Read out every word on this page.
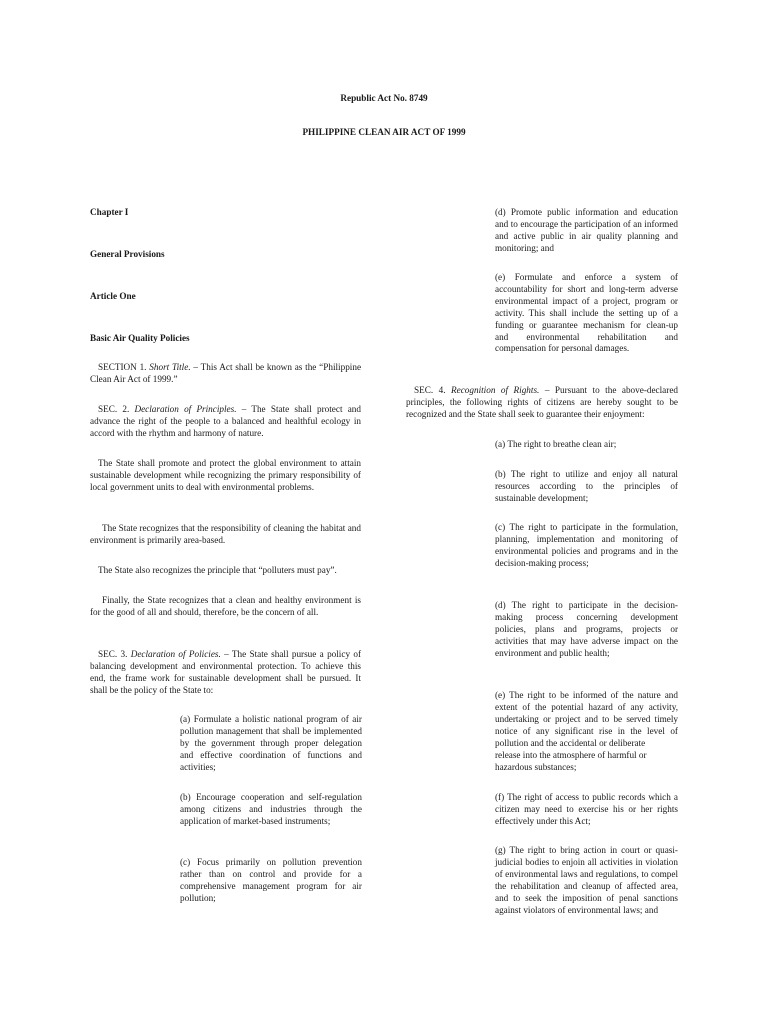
Republic Act No. 8749
PHILIPPINE CLEAN AIR ACT OF 1999
Chapter I
General Provisions
Article One
Basic Air Quality Policies

SECTION 1. Short Title. – This Act shall be known as the “Philippine Clean Air Act of 1999.”

SEC. 2. Declaration of Principles. – The State shall protect and advance the right of the people to a balanced and healthful ecology in accord with the rhythm and harmony of nature.

The State shall promote and protect the global environment to attain sustainable development while recognizing the primary responsibility of local government units to deal with environmental problems.

The State recognizes that the responsibility of cleaning the habitat and environment is primarily area-based.

The State also recognizes the principle that “polluters must pay”.

Finally, the State recognizes that a clean and healthy environment is for the good of all and should, therefore, be the concern of all.

SEC. 3. Declaration of Policies. – The State shall pursue a policy of balancing development and environmental protection. To achieve this end, the frame work for sustainable development shall be pursued. It shall be the policy of the State to:

(a) Formulate a holistic national program of air pollution management that shall be implemented by the government through proper delegation and effective coordination of functions and activities;

(b) Encourage cooperation and self-regulation among citizens and industries through the application of market-based instruments;

(c) Focus primarily on pollution prevention rather than on control and provide for a comprehensive management program for air pollution;

(d) Promote public information and education and to encourage the participation of an informed and active public in air quality planning and monitoring; and

(e) Formulate and enforce a system of accountability for short and long-term adverse environmental impact of a project, program or activity. This shall include the setting up of a funding or guarantee mechanism for clean-up and environmental rehabilitation and compensation for personal damages.

SEC. 4. Recognition of Rights. – Pursuant to the above-declared principles, the following rights of citizens are hereby sought to be recognized and the State shall seek to guarantee their enjoyment:

(a) The right to breathe clean air;

(b) The right to utilize and enjoy all natural resources according to the principles of sustainable development;

(c) The right to participate in the formulation, planning, implementation and monitoring of environmental policies and programs and in the decision-making process;

(d) The right to participate in the decision-making process concerning development policies, plans and programs, projects or activities that may have adverse impact on the environment and public health;

(e) The right to be informed of the nature and extent of the potential hazard of any activity, undertaking or project and to be served timely notice of any significant rise in the level of pollution and the accidental or deliberate

release into the atmosphere of harmful or hazardous substances;

(f) The right of access to public records which a citizen may need to exercise his or her rights effectively under this Act;

(g) The right to bring action in court or quasi-judicial bodies to enjoin all activities in violation of environmental laws and regulations, to compel the rehabilitation and cleanup of affected area, and to seek the imposition of penal sanctions against violators of environmental laws; and
